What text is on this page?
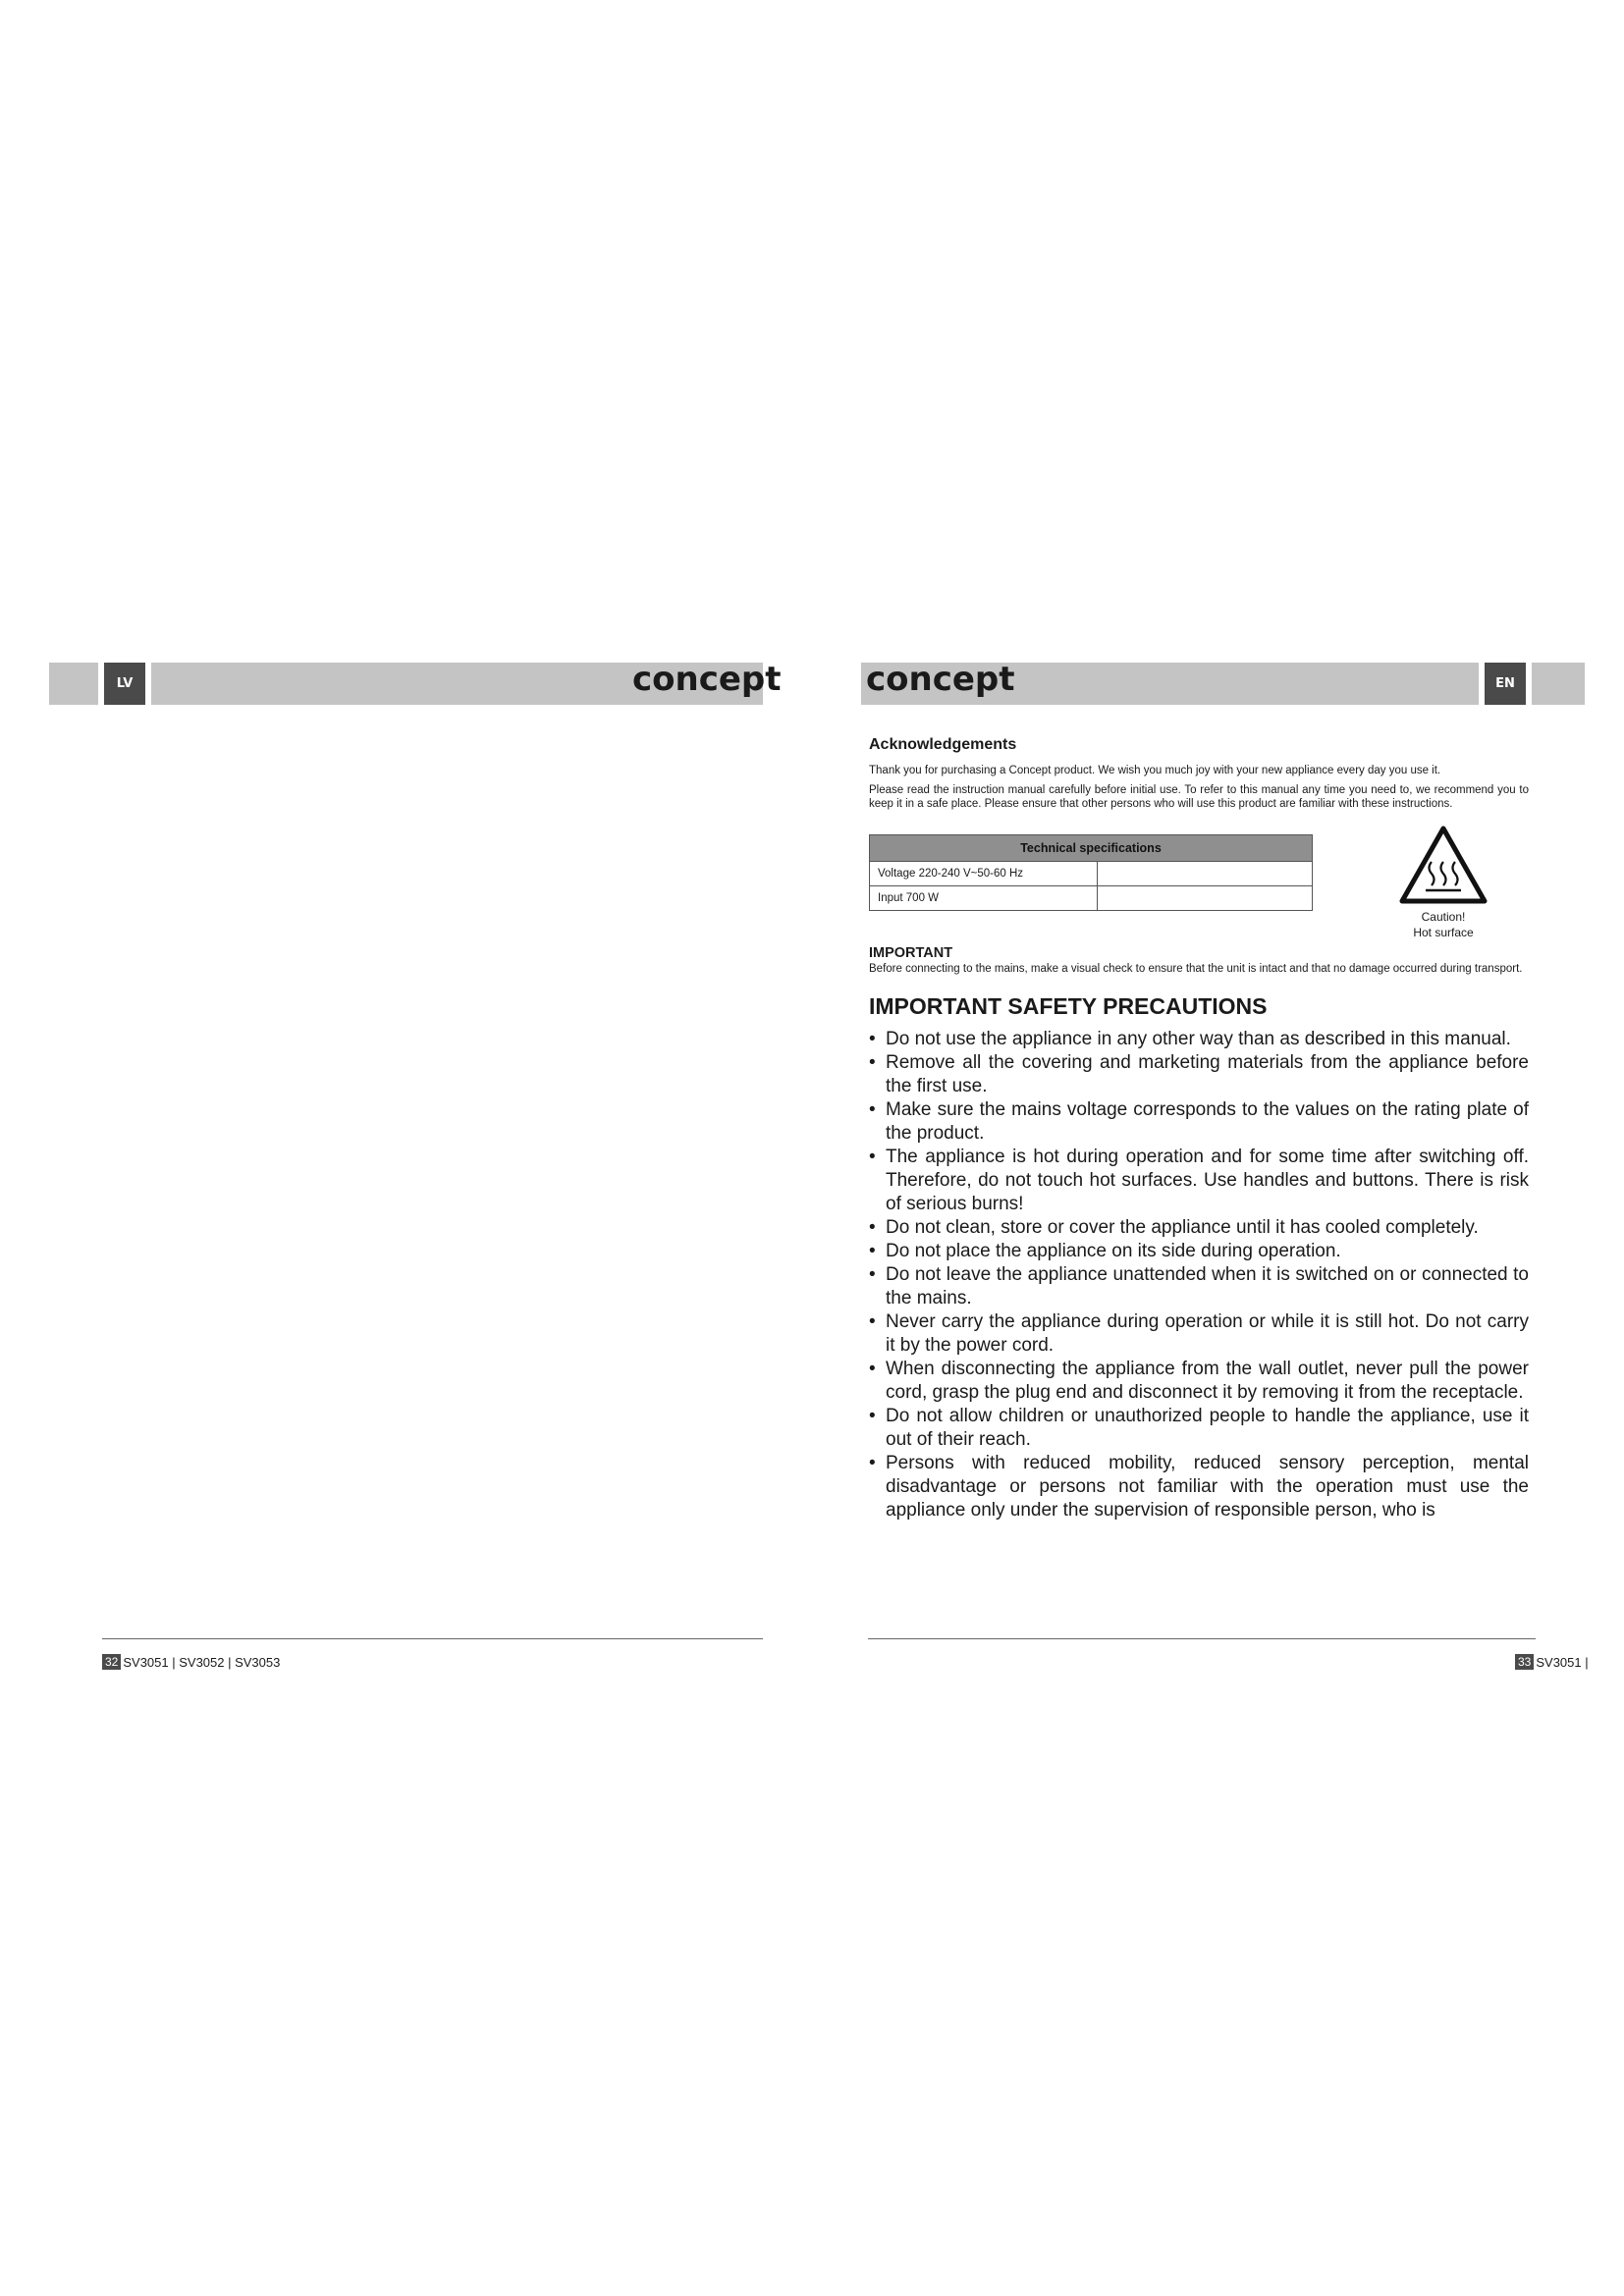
LV	EN
concept	concept
Acknowledgements

Thank you for purchasing a Concept product. We wish you much joy with your new appliance every day you use it.

Please read the instruction manual carefully before initial use. To refer to this manual any time you need to, we recommend you to keep it in a safe place. Please ensure that other persons who will use this product are familiar with these instructions.

Technical specifications	
Voltage 220-240 V~50-60 Hz	
Input 700 W	
Caution!
Hot surface
IMPORTANT
Before connecting to the mains, make a visual check to ensure that the unit is intact and that no damage occurred during transport.
IMPORTANT SAFETY PRECAUTIONS
• Do not use the appliance in any other way than as described in this manual.
• Remove all the covering and marketing materials from the appliance before the first use.
• Make sure the mains voltage corresponds to the values on the rating plate of the product.
• The appliance is hot during operation and for some time after switching off. Therefore, do not touch hot surfaces. Use handles and buttons. There is risk of serious burns!
• Do not clean, store or cover the appliance until it has cooled completely.
• Do not place the appliance on its side during operation.
• Do not leave the appliance unattended when it is switched on or connected to the mains.
• Never carry the appliance during operation or while it is still hot. Do not carry it by the power cord.
• When disconnecting the appliance from the wall outlet, never pull the power cord, grasp the plug end and disconnect it by removing it from the receptacle.
• Do not allow children or unauthorized people to handle the appliance, use it out of their reach.
• Persons with reduced mobility, reduced sensory perception, mental disadvantage or persons not familiar with the operation must use the appliance only under the supervision of responsible person, who is
32 SV3051 | SV3052 | SV3053	33 SV3051 |
